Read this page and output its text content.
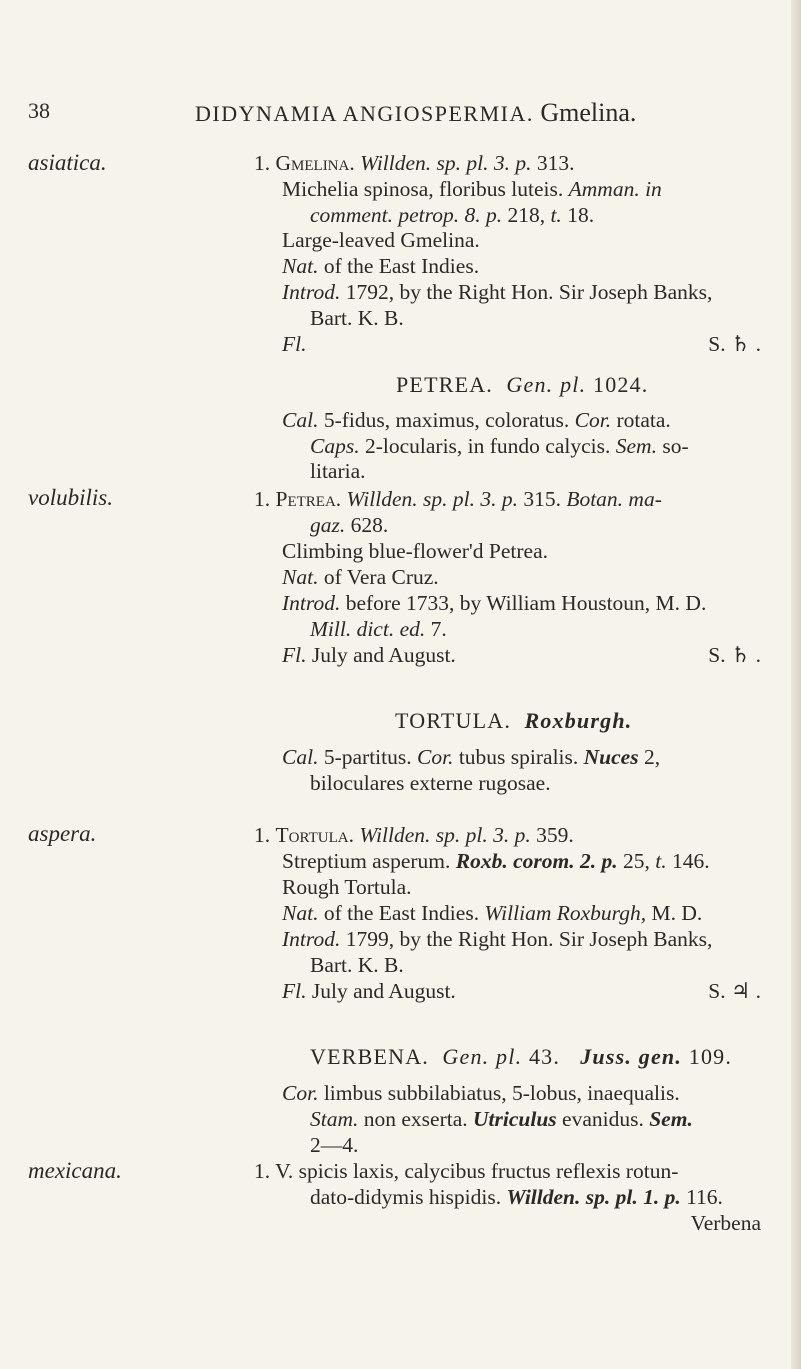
38	DIDYNAMIA ANGIOSPERMIA. Gmelina.
asiatica.
volubilis.
aspera.
mexicana.
1. Gmelina. Willden. sp. pl. 3. p. 313.
Michelia spinosa, floribus luteis. Amman. in
comment. petrop. 8. p. 218, t. 18.
Large-leaved Gmelina.
Nat. of the East Indies.
Introd. 1792, by the Right Hon. Sir Joseph Banks,
Bart. K. B.
Fl.	S. ♄ .
PETREA. Gen. pl. 1024.
Cal. 5-fidus, maximus, coloratus. Cor. rotata.
Caps. 2-locularis, in fundo calycis. Sem. so-
litaria.
1. Petrea. Willden. sp. pl. 3. p. 315. Botan. ma-
gaz. 628.
Climbing blue-flower'd Petrea.
Nat. of Vera Cruz.
Introd. before 1733, by William Houstoun, M. D.
Mill. dict. ed. 7.
Fl. July and August.	S. ♄ .
TORTULA. Roxburgh.
Cal. 5-partitus. Cor. tubus spiralis. Nuces 2,
biloculares externe rugosae.
1. Tortula. Willden. sp. pl. 3. p. 359.
Streptium asperum. Roxb. corom. 2. p. 25, t. 146.
Rough Tortula.
Nat. of the East Indies. William Roxburgh, M. D.
Introd. 1799, by the Right Hon. Sir Joseph Banks,
Bart. K. B.
Fl. July and August.	S. ♃ .
VERBENA. Gen. pl. 43. Juss. gen. 109.
Cor. limbus subbilabiatus, 5-lobus, inaequalis.
Stam. non exserta. Utriculus evanidus. Sem.
2—4.
1. V. spicis laxis, calycibus fructus reflexis rotun-
dato-didymis hispidis. Willden. sp. pl. 1. p. 116.
Verbena
